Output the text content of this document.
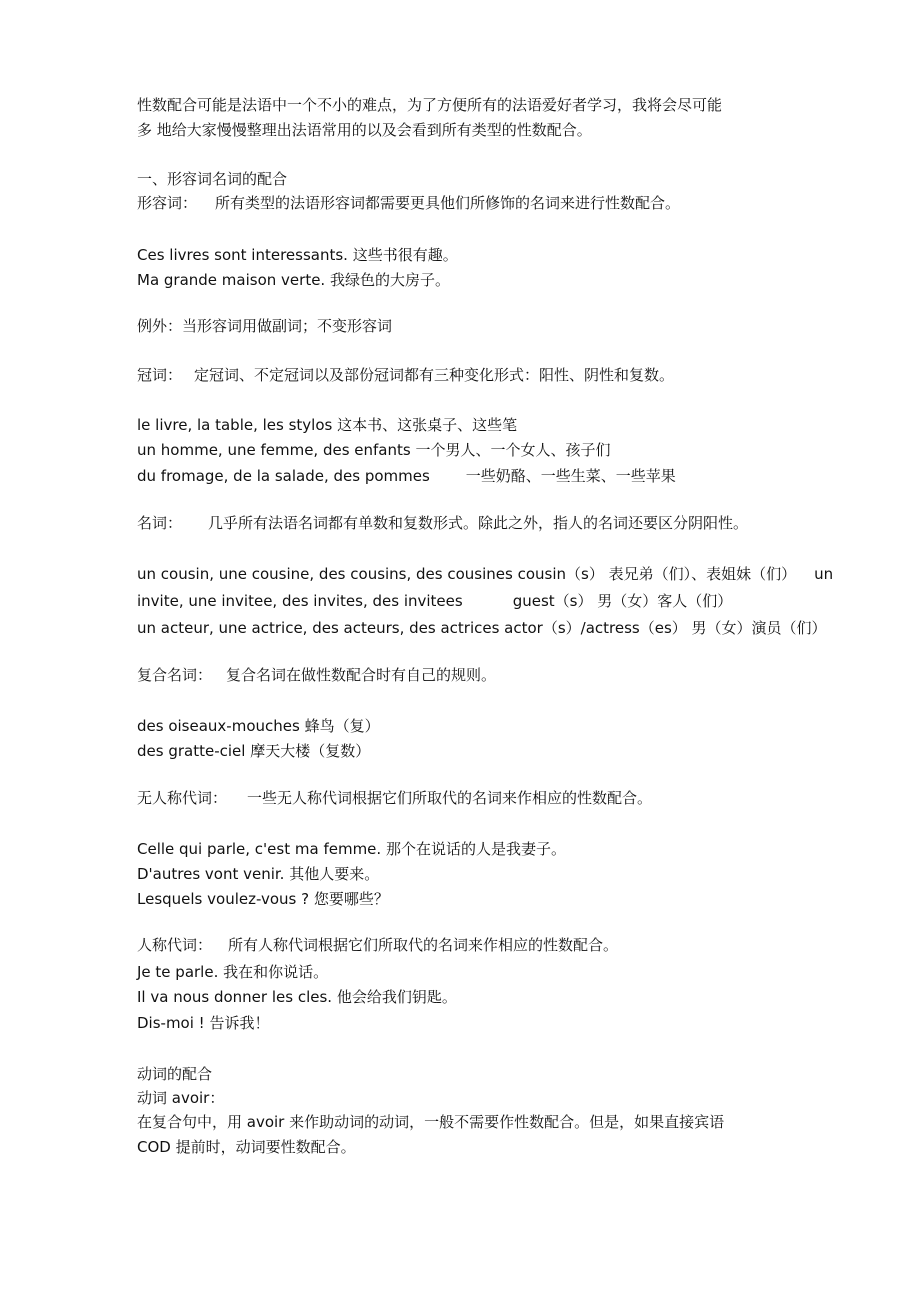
性数配合可能是法语中一个不小的难点，为了方便所有的法语爱好者学习，我将会尽可能
多 地给大家慢慢整理出法语常用的以及会看到所有类型的性数配合。
一、形容词名词的配合
形容词： 所有类型的法语形容词都需要更具他们所修饰的名词来进行性数配合。
Ces livres sont interessants. 这些书很有趣。
Ma grande maison verte. 我绿色的大房子。
例外：当形容词用做副词；不变形容词
冠词： 定冠词、不定冠词以及部份冠词都有三种变化形式：阳性、阴性和复数。
le livre, la table, les stylos 这本书、这张桌子、这些笔
un homme, une femme, des enfants 一个男人、一个女人、孩子们
du fromage, de la salade, des pommes 一些奶酪、一些生菜、一些苹果
名词： 几乎所有法语名词都有单数和复数形式。除此之外，指人的名词还要区分阴阳性。
un cousin, une cousine, des cousins, des cousines cousin（s） 表兄弟（们）、表姐妹（们） un
invite, une invitee, des invites, des invitees	guest（s） 男（女）客人（们）
un acteur, une actrice, des acteurs, des actrices actor（s）/actress（es） 男（女）演员（们）
复合名词： 复合名词在做性数配合时有自己的规则。
des oiseaux-mouches 蜂鸟（复）
des gratte-ciel 摩天大楼（复数）
无人称代词： 一些无人称代词根据它们所取代的名词来作相应的性数配合。
Celle qui parle, c'est ma femme. 那个在说话的人是我妻子。
D'autres vont venir. 其他人要来。
Lesquels voulez-vous ? 您要哪些？
人称代词： 所有人称代词根据它们所取代的名词来作相应的性数配合。
Je te parle. 我在和你说话。
Il va nous donner les cles. 他会给我们钥匙。
Dis-moi ! 告诉我！
动词的配合
动词 avoir：
在复合句中，用 avoir 来作助动词的动词，一般不需要作性数配合。但是，如果直接宾语
COD 提前时，动词要性数配合。
